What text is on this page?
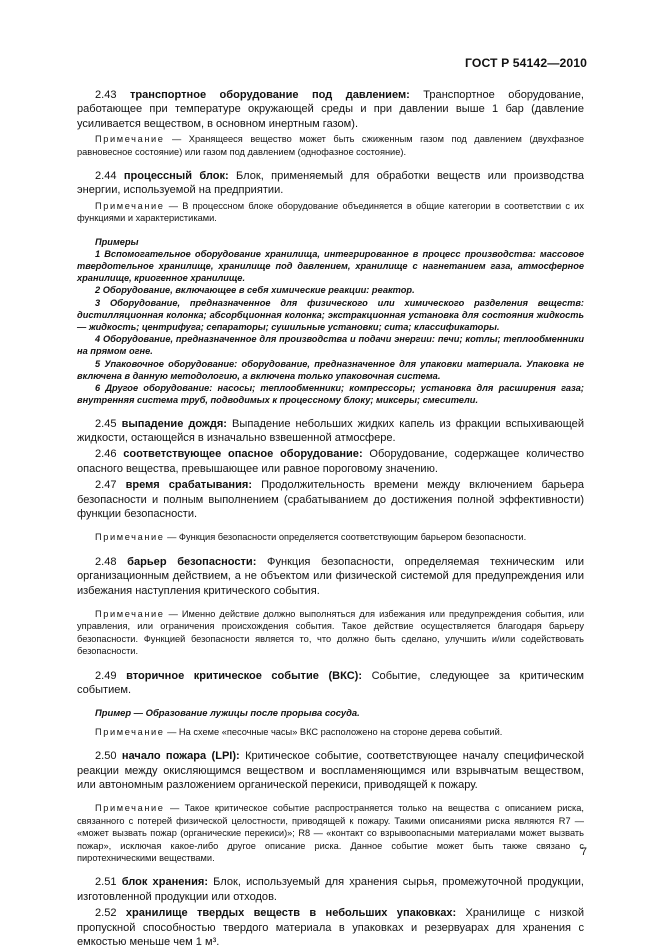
ГОСТ Р 54142—2010

2.43 транспортное оборудование под давлением: Транспортное оборудование, работающее при температуре окружающей среды и при давлении выше 1 бар (давление усиливается веществом, в основном инертным газом).

Примечание — Хранящееся вещество может быть сжиженным газом под давлением (двухфазное равновесное состояние) или газом под давлением (однофазное состояние).

2.44 процессный блок: Блок, применяемый для обработки веществ или производства энергии, используемой на предприятии.

Примечание — В процессном блоке оборудование объединяется в общие категории в соответствии с их функциями и характеристиками.

Примеры

1 Вспомогательное оборудование хранилища, интегрированное в процесс производства: массовое твердотельное хранилище, хранилище под давлением, хранилище с нагнетанием газа, атмосферное хранилище, криогенное хранилище.

2 Оборудование, включающее в себя химические реакции: реактор.

3 Оборудование, предназначенное для физического или химического разделения веществ: дистилляционная колонка; абсорбционная колонка; экстракционная установка для состояния жидкость — жидкость; центрифуга; сепараторы; сушильные установки; сита; классификаторы.

4 Оборудование, предназначенное для производства и подачи энергии: печи; котлы; теплообменники на прямом огне.

5 Упаковочное оборудование: оборудование, предназначенное для упаковки материала. Упаковка не включена в данную методологию, а включена только упаковочная система.

6 Другое оборудование: насосы; теплообменники; компрессоры; установка для расширения газа; внутренняя система труб, подводимых к процессному блоку; миксеры; смесители.

2.45 выпадение дождя: Выпадение небольших жидких капель из фракции вспыхивающей жидкости, остающейся в изначально взвешенной атмосфере.

2.46 соответствующее опасное оборудование: Оборудование, содержащее количество опасного вещества, превышающее или равное пороговому значению.

2.47 время срабатывания: Продолжительность времени между включением барьера безопасности и полным выполнением (срабатыванием до достижения полной эффективности) функции безопасности.

Примечание — Функция безопасности определяется соответствующим барьером безопасности.

2.48 барьер безопасности: Функция безопасности, определяемая техническим или организационным действием, а не объектом или физической системой для предупреждения или избежания наступления критического события.

Примечание — Именно действие должно выполняться для избежания или предупреждения события, или управления, или ограничения происхождения события. Такое действие осуществляется благодаря барьеру безопасности. Функцией безопасности является то, что должно быть сделано, улучшить и/или содействовать безопасности.

2.49 вторичное критическое событие (ВКС): Событие, следующее за критическим событием.

Пример — Образование лужицы после прорыва сосуда.

Примечание — На схеме «песочные часы» ВКС расположено на стороне дерева событий.

2.50 начало пожара (LPI): Критическое событие, соответствующее началу специфической реакции между окисляющимся веществом и воспламеняющимся или взрывчатым веществом, или автономным разложением органической перекиси, приводящей к пожару.

Примечание — Такое критическое событие распространяется только на вещества с описанием риска, связанного с потерей физической целостности, приводящей к пожару. Такими описаниями риска являются R7 — «может вызвать пожар (органические перекиси)»; R8 — «контакт со взрывоопасными материалами может вызвать пожар», исключая какое-либо другое описание риска. Данное событие может быть также связано с пиротехническими веществами.

2.51 блок хранения: Блок, используемый для хранения сырья, промежуточной продукции, изготовленной продукции или отходов.

2.52 хранилище твердых веществ в небольших упаковках: Хранилище с низкой пропускной способностью твердого материала в упаковках и резервуарах для хранения с емкостью меньше чем 1 м³.

7
